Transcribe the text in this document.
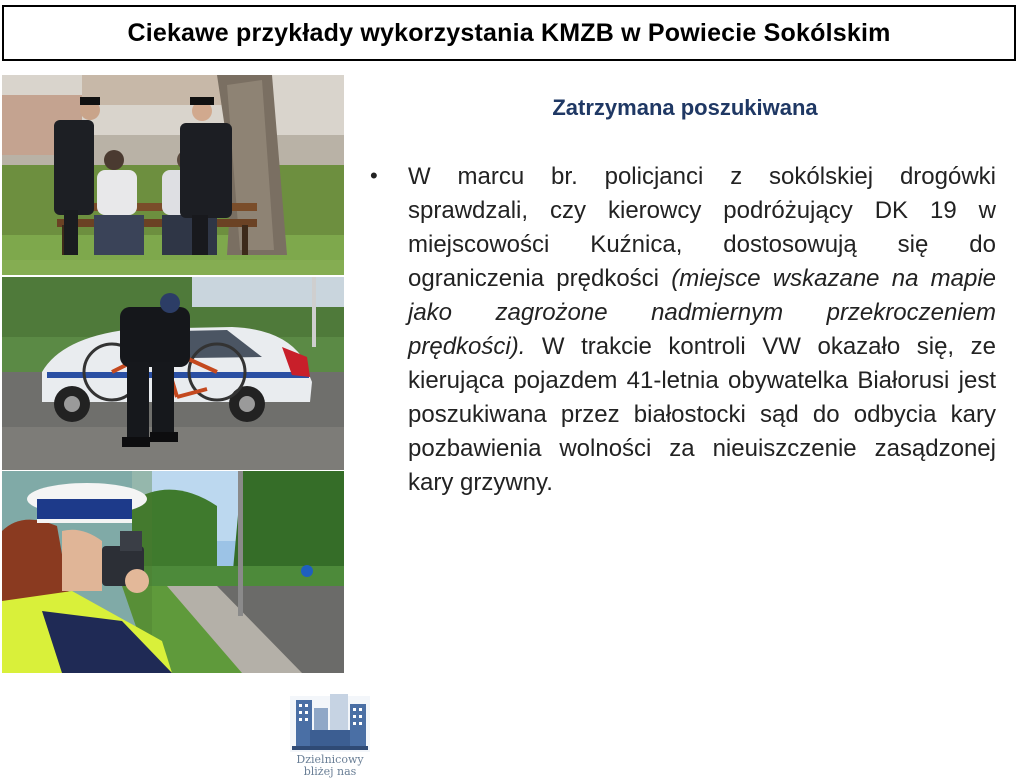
Ciekawe przykłady wykorzystania KMZB w Powiecie Sokólskim
Zatrzymana poszukiwana
• W marcu br. policjanci z sokólskiej drogówki sprawdzali, czy kierowcy podróżujący DK 19 w miejscowości Kuźnica, dostosowują się do ograniczenia prędkości (miejsce wskazane na mapie jako zagrożone nadmiernym przekroczeniem prędkości). W trakcie kontroli VW okazało się, ze kierująca pojazdem 41-letnia obywatelka Białorusi jest poszukiwana przez białostocki sąd do odbycia kary pozbawienia wolności za nieuiszczenie zasądzonej kary grzywny.
Dzielnicowy
bliżej nas
